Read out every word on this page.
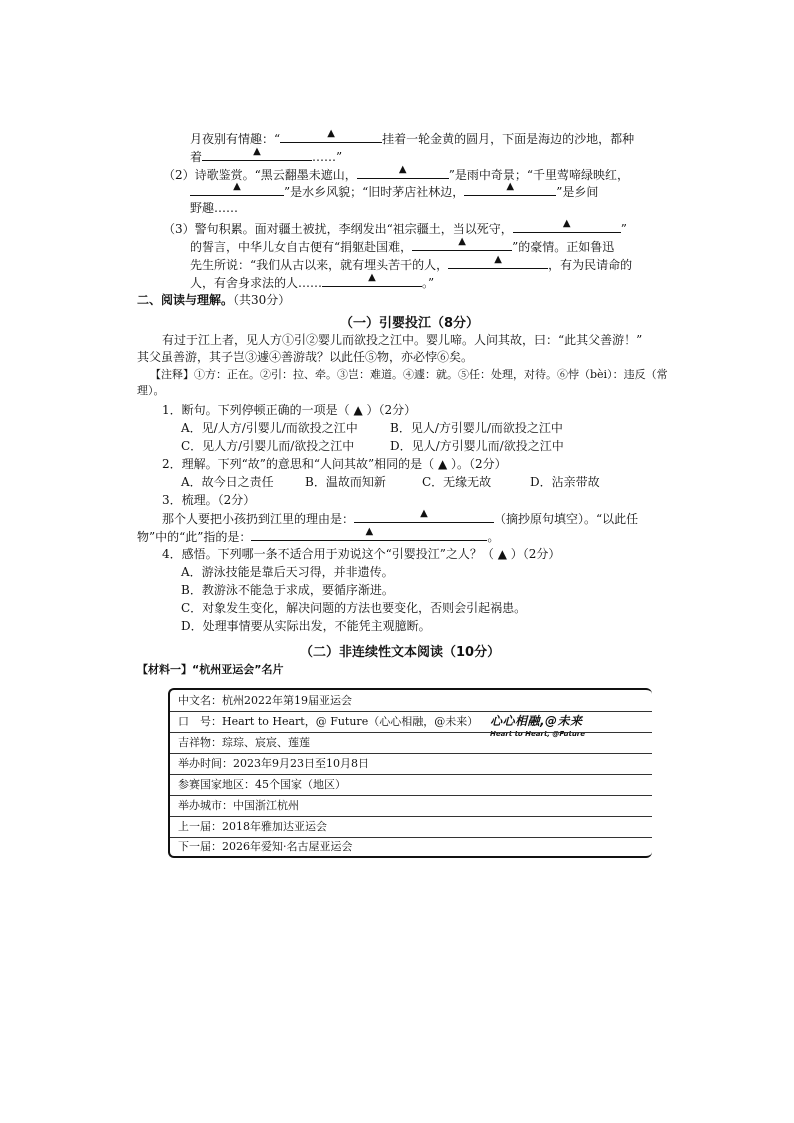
月夜别有情趣：“	▲	挂着一轮金黄的圆月，下面是海边的沙地，都种
着	▲	……”
（2）诗歌鉴赏。“黑云翻墨未遮山，	▲	”是雨中奇景；“千里莺啼绿映红，
▲	”是水乡风貌；“旧时茅店社林边，	▲	”是乡间
野趣……
（3）警句积累。面对疆土被扰，李纲发出“祖宗疆土，当以死守，	▲	”
的誓言，中华儿女自古便有“捐躯赴国难，	▲	”的豪情。正如鲁迅
先生所说：“我们从古以来，就有埋头苦干的人，	▲	，有为民请命的
人，有舍身求法的人……	▲	。”
二、阅读与理解。（共30分）
（一）引婴投江（8分）
有过于江上者，见人方①引②婴儿而欲投之江中。婴儿啼。人问其故，曰：“此其父善游！”
其父虽善游，其子岂③遽④善游哉？以此任⑤物，亦必悖⑥矣。
【注释】①方：正在。②引：拉、牵。③岂：难道。④遽：就。⑤任：处理，对待。⑥悖（bèi）：违反（常
理）。
1．断句。下列停顿正确的一项是（ ▲ ）（2分）
A．见/人方/引婴儿/而欲投之江中	B．见人/方引婴儿/而欲投之江中
C．见人方/引婴儿而/欲投之江中	D．见人/方引婴儿而/欲投之江中
2．理解。下列“故”的意思和“人问其故”相同的是（ ▲ ）。（2分）
A．故今日之责任	B．温故而知新	C．无缘无故	D．沾亲带故
3．梳理。（2分）
那个人要把小孩扔到江里的理由是：	▲	（摘抄原句填空）。“以此任
物”中的“此”指的是：	▲	。
4．感悟。下列哪一条不适合用于劝说这个“引婴投江”之人？（ ▲ ）（2分）
A．游泳技能是靠后天习得，并非遗传。
B．教游泳不能急于求成，要循序渐进。
C．对象发生变化，解决问题的方法也要变化，否则会引起祸患。
D．处理事情要从实际出发，不能凭主观臆断。
（二）非连续性文本阅读（10分）
【材料一】“杭州亚运会”名片
中文名：杭州2022年第19届亚运会
口　号：Heart to Heart，@ Future（心心相融，@未来） 心心相融,@未来
Heart to Heart, @Future
吉祥物：琮琮、宸宸、莲莲
举办时间：2023年9月23日至10月8日
参赛国家地区：45个国家（地区）
举办城市：中国浙江杭州
上一届：2018年雅加达亚运会
下一届：2026年爱知·名古屋亚运会
